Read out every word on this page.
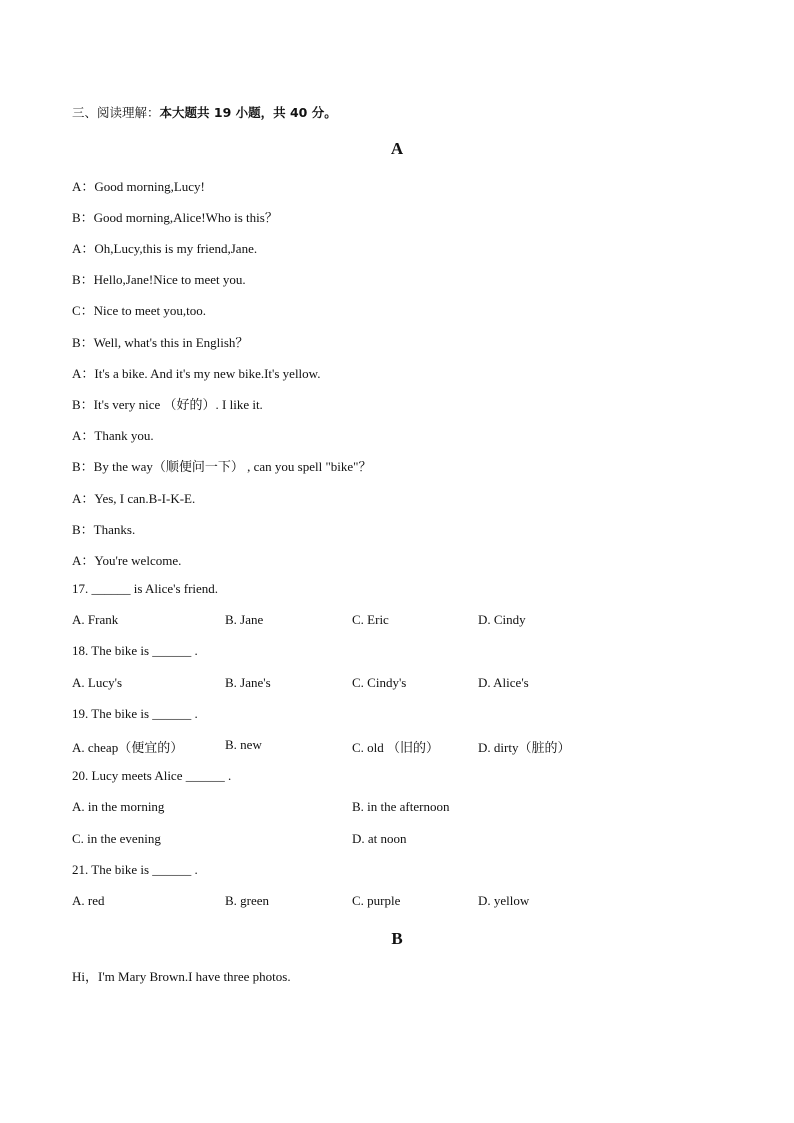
三、阅读理解：本大题共 19 小题，共 40 分。
A
A：Good morning,Lucy!
B：Good morning,Alice!Who is this？
A：Oh,Lucy,this is my friend,Jane.
B：Hello,Jane!Nice to meet you.
C：Nice to meet you,too.
B：Well, what's this in English？
A：It's a bike. And it's my new bike.It's yellow.
B：It's very nice （好的）. I like it.
A：Thank you.
B：By the way（顺便问一下） , can you spell "bike"？
A：Yes, I can.B-I-K-E.
B：Thanks.
A：You're welcome.
17. ______ is Alice's friend.
A. Frank	B. Jane	C. Eric	D. Cindy
18. The bike is ______ .
A. Lucy's	B. Jane's	C. Cindy's	D. Alice's
19. The bike is ______ .
A. cheap（便宜的）	B. new	C. old （旧的）	D. dirty（脏的）
20. Lucy meets Alice ______ .
A. in the morning	B. in the afternoon
C. in the evening	D. at noon
21. The bike is ______ .
A. red	B. green	C. purple	D. yellow
B
Hi，I'm Mary Brown.I have three photos.
